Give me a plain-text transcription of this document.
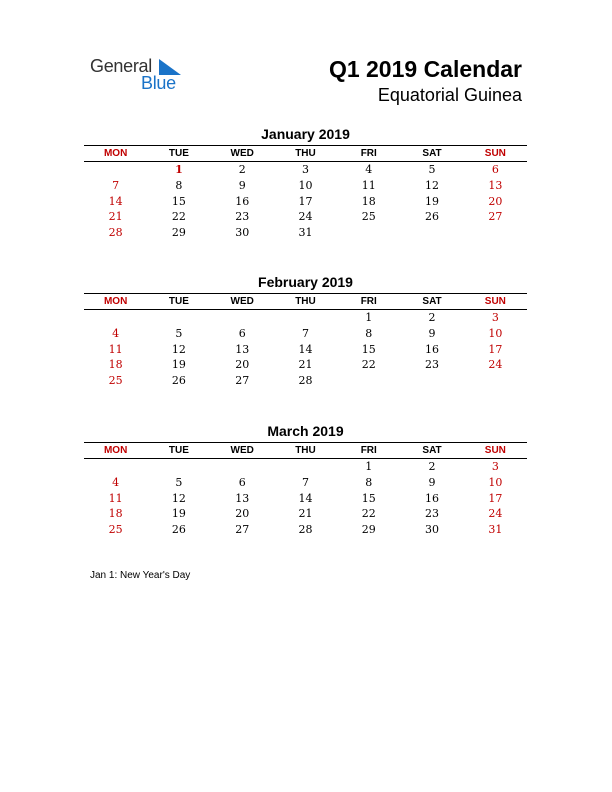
General
Blue
Q1 2019 Calendar
Equatorial Guinea
January 2019
MON	TUE	WED	THU	FRI	SAT	SUN
	1	2	3	4	5	6
7	8	9	10	11	12	13
14	15	16	17	18	19	20
21	22	23	24	25	26	27
28	29	30	31			
February 2019
MON	TUE	WED	THU	FRI	SAT	SUN
				1	2	3
4	5	6	7	8	9	10
11	12	13	14	15	16	17
18	19	20	21	22	23	24
25	26	27	28			
March 2019
MON	TUE	WED	THU	FRI	SAT	SUN
				1	2	3
4	5	6	7	8	9	10
11	12	13	14	15	16	17
18	19	20	21	22	23	24
25	26	27	28	29	30	31
Jan 1: New Year's Day
